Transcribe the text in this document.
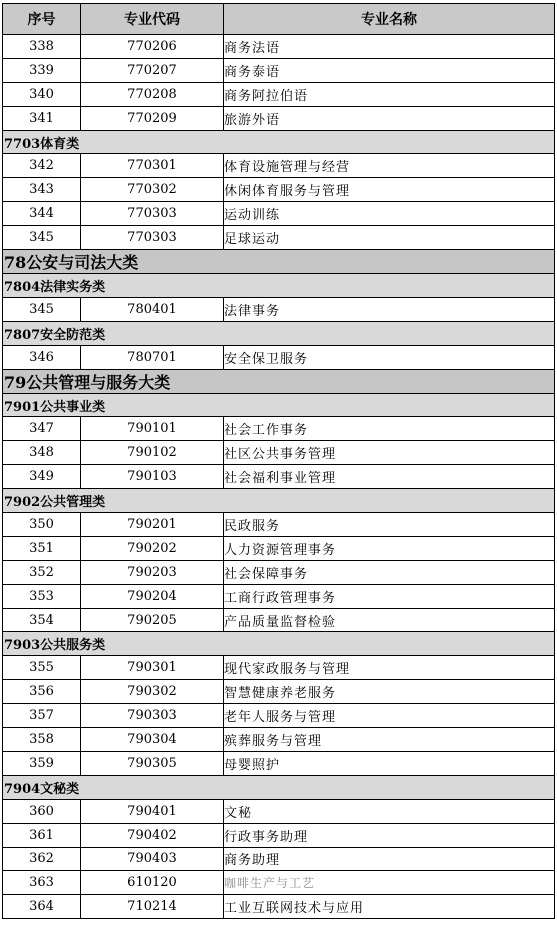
序号	专业代码	专业名称
338	770206	商务法语
339	770207	商务泰语
340	770208	商务阿拉伯语
341	770209	旅游外语
7703体育类		
342	770301	体育设施管理与经营
343	770302	休闲体育服务与管理
344	770303	运动训练
345	770303	足球运动
78公安与司法大类		
7804法律实务类		
345	780401	法律事务
7807安全防范类		
346	780701	安全保卫服务
79公共管理与服务大类		
7901公共事业类		
347	790101	社会工作事务
348	790102	社区公共事务管理
349	790103	社会福利事业管理
7902公共管理类		
350	790201	民政服务
351	790202	人力资源管理事务
352	790203	社会保障事务
353	790204	工商行政管理事务
354	790205	产品质量监督检验
7903公共服务类		
355	790301	现代家政服务与管理
356	790302	智慧健康养老服务
357	790303	老年人服务与管理
358	790304	殡葬服务与管理
359	790305	母婴照护
7904文秘类		
360	790401	文秘
361	790402	行政事务助理
362	790403	商务助理
363	610120	咖啡生产与工艺
364	710214	工业互联网技术与应用
